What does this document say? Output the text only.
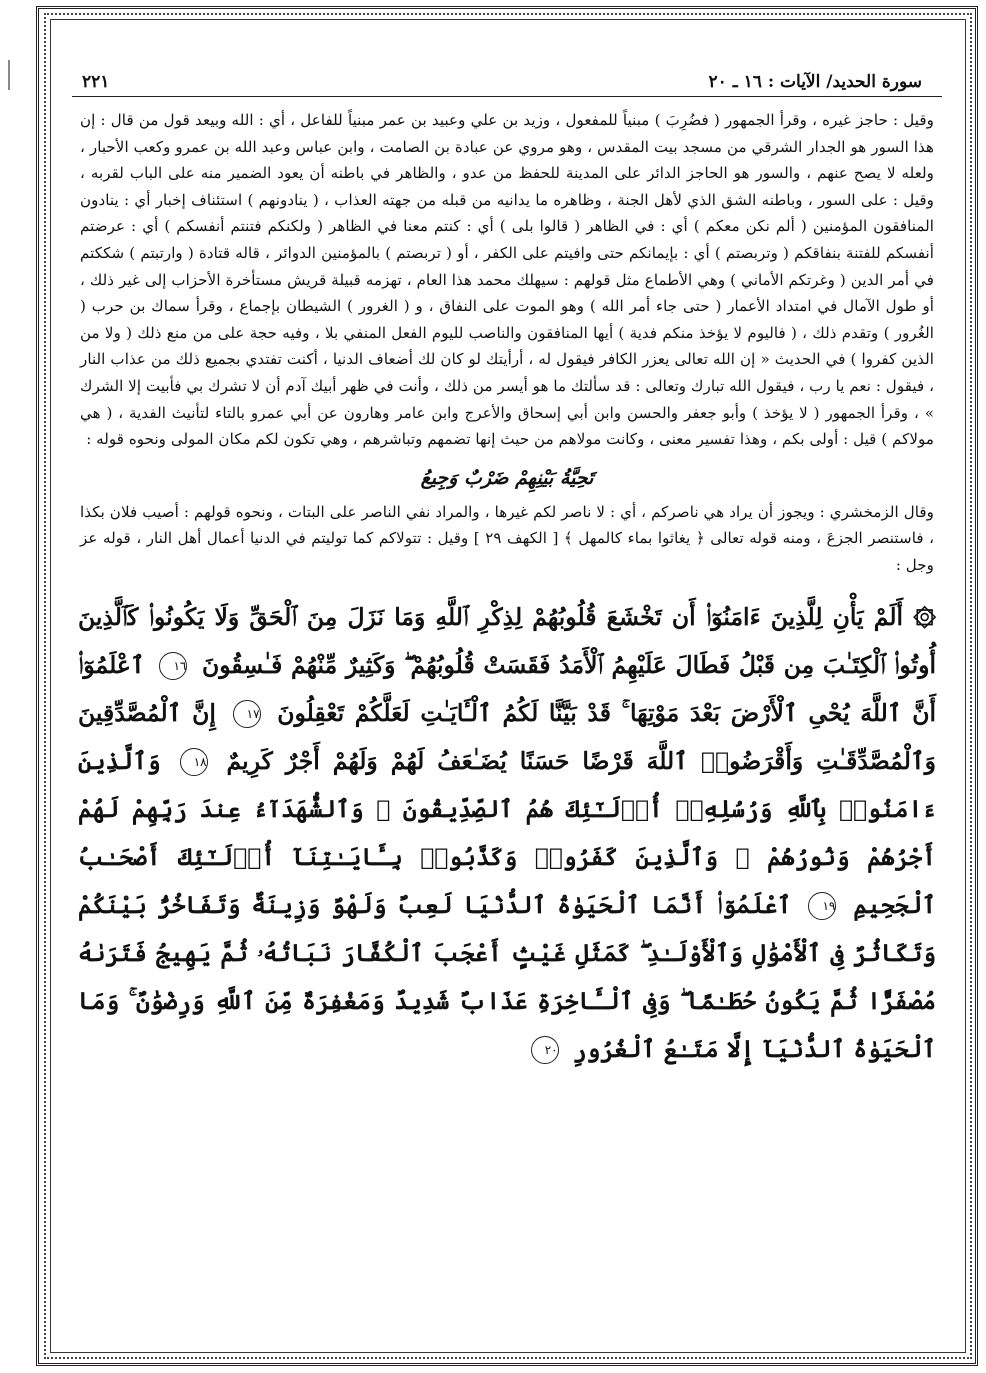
سورة الحديد/ الآيات : ١٦ ـ ٢٠
٢٢١

وقيل : حاجز غيره ، وقرأ الجمهور ( فضُرِبَ ) مبنياً للمفعول ، وزيد بن علي وعبيد بن عمر مبنياً للفاعل ، أي : الله وبيعد قول من قال : إن هذا السور هو الجدار الشرقي من مسجد بيت المقدس ، وهو مروي عن عبادة بن الصامت ، وابن عباس وعبد الله بن عمرو وكعب الأحبار ، ولعله لا يصح عنهم ، والسور هو الحاجز الدائر على المدينة للحفظ من عدو ، والظاهر في باطنه أن يعود الضمير منه على الباب لقربه ، وقيل : على السور ، وباطنه الشق الذي لأهل الجنة ، وظاهره ما يدانيه من قبله من جهته العذاب ، ( ينادونهم ) استئناف إخبار أي : ينادون المنافقون المؤمنين ( ألم نكن معكم ) أي : في الظاهر ( قالوا بلى ) أي : كنتم معنا في الظاهر ( ولكنكم فتنتم أنفسكم ) أي : عرضتم أنفسكم للفتنة بنفاقكم ( وتربصتم ) أي : بإيمانكم حتى وافيتم على الكفر ، أو ( تربصتم ) بالمؤمنين الدوائر ، قاله قتادة ( وارتبتم ) شككتم في أمر الدين ( وغرتكم الأماني ) وهي الأطماع مثل قولهم : سيهلك محمد هذا العام ، تهزمه قبيلة قريش مستأخرة الأحزاب إلى غير ذلك ، أو طول الآمال في امتداد الأعمار ( حتى جاء أمر الله ) وهو الموت على النفاق ، و ( الغرور ) الشيطان بإجماع ، وقرأ سماك بن حرب ( الغُرور ) وتقدم ذلك ، ( فاليوم لا يؤخذ منكم فدية ) أيها المنافقون والناصب لليوم الفعل المنفي بلا ، وفيه حجة على من منع ذلك ( ولا من الذين كفروا ) في الحديث « إن الله تعالى يعزر الكافر فيقول له ، أرأيتك لو كان لك أضعاف الدنيا ، أكنت تفتدي بجميع ذلك من عذاب النار ، فيقول : نعم يا رب ، فيقول الله تبارك وتعالى : قد سألتك ما هو أيسر من ذلك ، وأنت في ظهر أبيك آدم أن لا تشرك بي فأبيت إلا الشرك » ، وقرأ الجمهور ( لا يؤخذ ) وأبو جعفر والحسن وابن أبي إسحاق والأعرج وابن عامر وهارون عن أبي عمرو بالتاء لتأنيث الفدية ، ( هي مولاكم ) قيل : أولى بكم ، وهذا تفسير معنى ، وكانت مولاهم من حيث إنها تضمهم وتباشرهم ، وهي تكون لكم مكان المولى ونحوه قوله :

تَحِيَّةُ بَيْنِهِمْ ضَرْبٌ وَجِيعُ

وقال الزمخشري : ويجوز أن يراد هي ناصركم ، أي : لا ناصر لكم غيرها ، والمراد نفي الناصر على البتات ، ونحوه قولهم : أصيب فلان بكذا ، فاستنصر الجزعَ ، ومنه قوله تعالى ﴿ يغاثوا بماء كالمهل ﴾ [ الكهف ٢٩ ] وقيل : تتولاكم كما توليتم في الدنيا أعمال أهل النار ، قوله عز وجل :

۞ أَلَمْ يَأْنِ لِلَّذِينَ ءَامَنُوٓا۟ أَن تَخْشَعَ قُلُوبُهُمْ لِذِكْرِ ٱللَّهِ وَمَا نَزَلَ مِنَ ٱلْحَقِّ وَلَا يَكُونُوا۟ كَٱلَّذِينَ أُوتُوا۟ ٱلْكِتَـٰبَ مِن قَبْلُ فَطَالَ عَلَيْهِمُ ٱلْأَمَدُ فَقَسَتْ قُلُوبُهُمْ ۖ وَكَثِيرٌ مِّنْهُمْ فَـٰسِقُونَ ١٦ ٱعْلَمُوٓا۟ أَنَّ ٱللَّهَ يُحْىِ ٱلْأَرْضَ بَعْدَ مَوْتِهَا ۚ قَدْ بَيَّنَّا لَكُمُ ٱلْـَٔايَـٰتِ لَعَلَّكُمْ تَعْقِلُونَ ١٧ إِنَّ ٱلْمُصَّدِّقِينَ وَٱلْمُصَّدِّقَـٰتِ وَأَقْرَضُوا۟ ٱللَّهَ قَرْضًا حَسَنًا يُضَـٰعَفُ لَهُمْ وَلَهُمْ أَجْرٌ كَرِيمٌ ١٨ وَٱلَّذِينَ ءَامَنُوا۟ بِٱللَّهِ وَرُسُلِهِۦٓ أُو۟لَـٰٓئِكَ هُمُ ٱلصِّدِّيقُونَ ۖ وَٱلشُّهَدَآءُ عِندَ رَبِّهِمْ لَهُمْ أَجْرُهُمْ وَنُورُهُمْ ۖ وَٱلَّذِينَ كَفَرُوا۟ وَكَذَّبُوا۟ بِـَٔايَـٰتِنَآ أُو۟لَـٰٓئِكَ أَصْحَـٰبُ ٱلْجَحِيمِ ١٩ ٱعْلَمُوٓا۟ أَنَّمَا ٱلْحَيَوٰةُ ٱلدُّنْيَا لَعِبٌ وَلَهْوٌ وَزِينَةٌ وَتَفَاخُرٌۢ بَيْنَكُمْ وَتَكَاثُرٌ فِى ٱلْأَمْوَٰلِ وَٱلْأَوْلَـٰدِ ۖ كَمَثَلِ غَيْثٍ أَعْجَبَ ٱلْكُفَّارَ نَبَاتُهُۥ ثُمَّ يَهِيجُ فَتَرَىٰهُ مُصْفَرًّا ثُمَّ يَكُونُ حُطَـٰمًا ۖ وَفِى ٱلْـَٔاخِرَةِ عَذَابٌ شَدِيدٌ وَمَغْفِرَةٌ مِّنَ ٱللَّهِ وَرِضْوَٰنٌ ۚ وَمَا ٱلْحَيَوٰةُ ٱلدُّنْيَآ إِلَّا مَتَـٰعُ ٱلْغُرُورِ ٢٠
